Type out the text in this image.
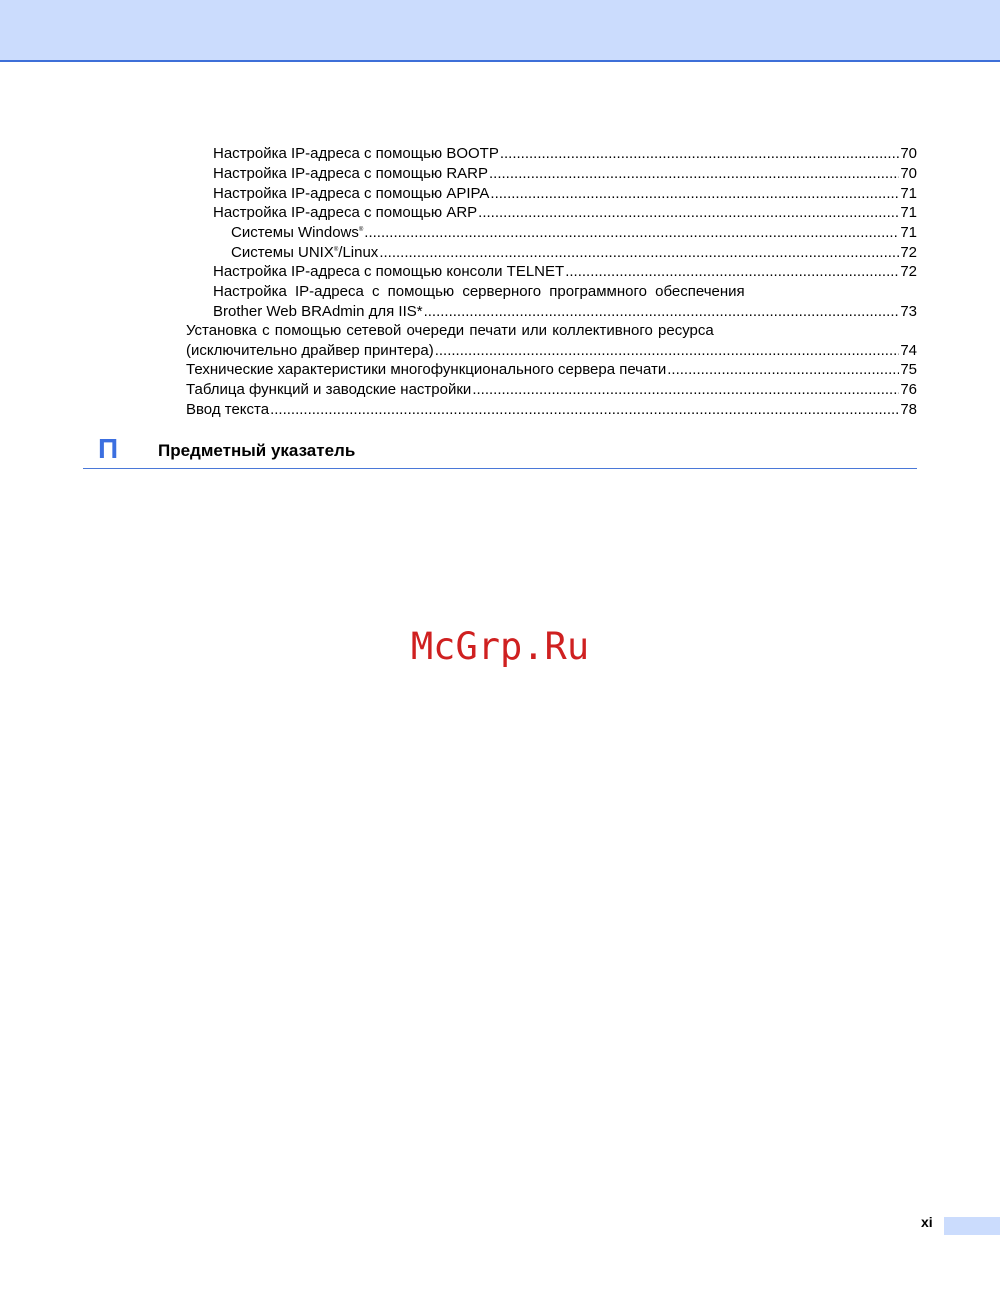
Настройка IP-адреса с помощью BOOTP .....	70
Настройка IP-адреса с помощью RARP .....	70
Настройка IP-адреса с помощью APIPA .....	71
Настройка IP-адреса с помощью ARP .....	71
Системы Windows® .....	71
Системы UNIX®/Linux .....	72
Настройка IP-адреса с помощью консоли TELNET .....	72
Настройка IP-адреса с помощью серверного программного обеспечения
Brother Web BRAdmin для IIS* .....	73
Установка с помощью сетевой очереди печати или коллективного ресурса
(исключительно драйвер принтера) .....	74
Технические характеристики многофункционального сервера печати .....	75
Таблица функций и заводские настройки .....	76
Ввод текста .....	78
П Предметный указатель
McGrp.Ru
xi
